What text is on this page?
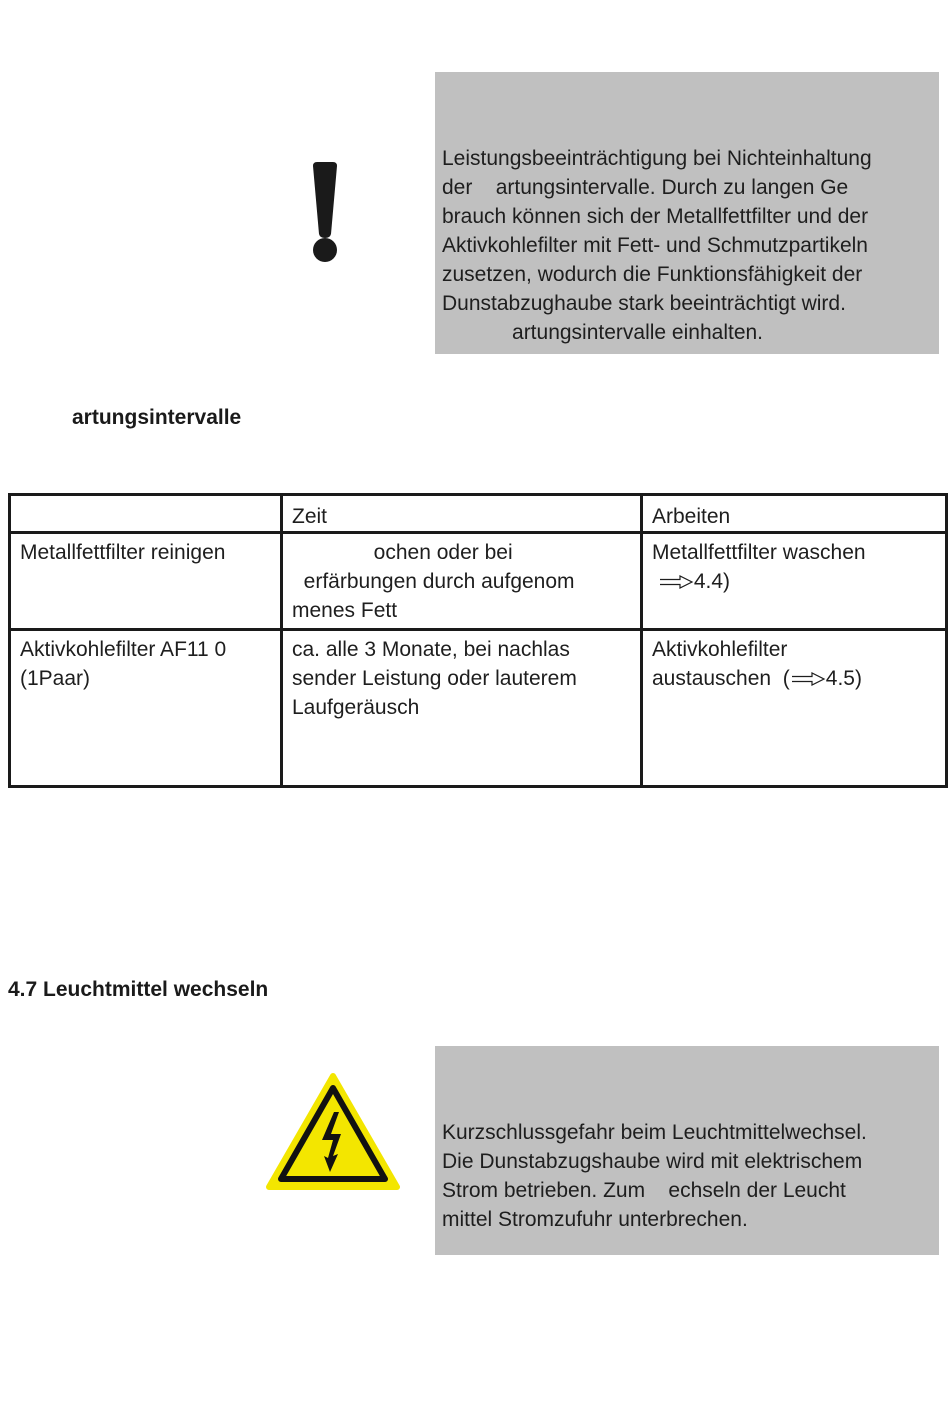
Leistungsbeeinträchtigung bei Nichteinhaltung
der    artungsintervalle. Durch zu langen Ge
brauch können sich der Metallfettfilter und der
Aktivkohlefilter mit Fett- und Schmutzpartikeln
zusetzen, wodurch die Funktionsfähigkeit der
Dunstabzughaube stark beeinträchtigt wird.
artungsintervalle einhalten.
artungsintervalle
	Zeit	Arbeiten

Metallfettfilter reinigen	ochen oder bei
erfärbungen durch aufgenom
menes Fett	Metallfettfilter waschen
4.4)

Aktivkohlefilter AF11 0
(1Paar)	ca. alle 3 Monate, bei nachlas
sender Leistung oder lauterem
Laufgeräusch	Aktivkohlefilter
austauschen  ( 4.5)
4.7 Leuchtmittel wechseln
Kurzschlussgefahr beim Leuchtmittelwechsel.
Die Dunstabzugshaube wird mit elektrischem
Strom betrieben. Zum    echseln der Leucht
mittel Stromzufuhr unterbrechen.
